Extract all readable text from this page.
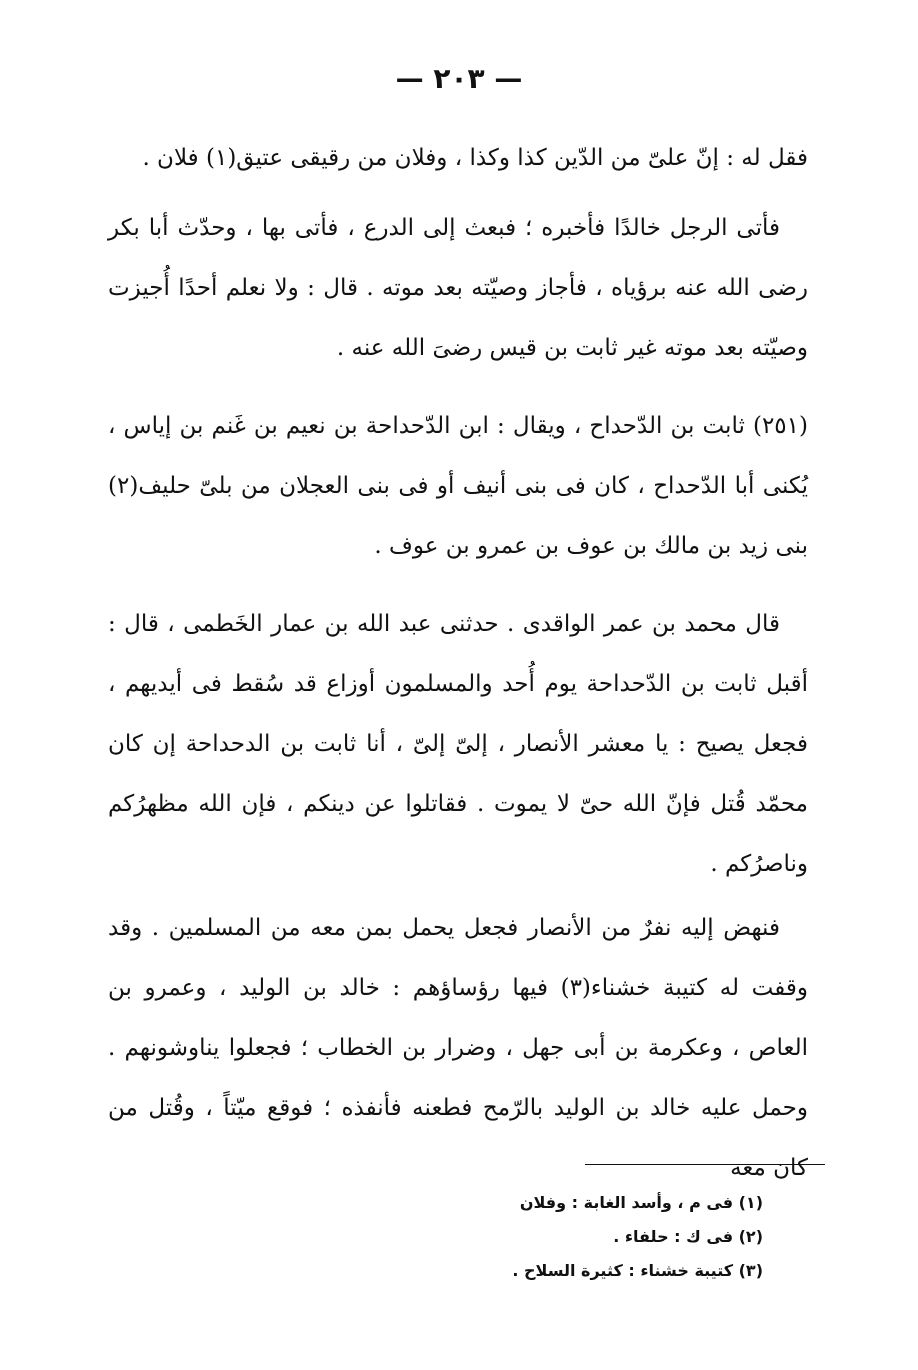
— ٢٠٣ —

فقل له : إنّ علىّ من الدّين كذا وكذا ، وفلان من رقيقى عتيق(١) فلان .

فأتى الرجل خالدًا فأخبره ؛ فبعث إلى الدرع ، فأتى بها ، وحدّث أبا بكر رضى الله عنه برؤياه ، فأجاز وصيّته بعد موته . قال : ولا نعلم أحدًا أُجيزت وصيّته بعد موته غير ثابت بن قيس رضىَ الله عنه .

(٢٥١) ثابت بن الدّحداح ، ويقال : ابن الدّحداحة بن نعيم بن غَنم بن إياس ، يُكنى أبا الدّحداح ، كان فى بنى أنيف أو فى بنى العجلان من بلىّ حليف(٢) بنى زيد بن مالك بن عوف بن عمرو بن عوف .

قال محمد بن عمر الواقدى . حدثنى عبد الله بن عمار الخَطمى ، قال : أقبل ثابت بن الدّحداحة يوم أُحد والمسلمون أوزاع قد سُقط فى أيديهم ، فجعل يصيح : يا معشر الأنصار ، إلىّ إلىّ ، أنا ثابت بن الدحداحة إن كان محمّد قُتل فإنّ الله حىّ لا يموت . فقاتلوا عن دينكم ، فإن الله مظهرُكم وناصرُكم .

فنهض إليه نفرٌ من الأنصار فجعل يحمل بمن معه من المسلمين . وقد وقفت له كتيبة خشناء(٣) فيها رؤساؤهم : خالد بن الوليد ، وعمرو بن العاص ، وعكرمة بن أبى جهل ، وضرار بن الخطاب ؛ فجعلوا يناوشونهم . وحمل عليه خالد بن الوليد بالرّمح فطعنه فأنفذه ؛ فوقع ميّتاً ، وقُتل من كان معه

(١) فى م ، وأسد الغابة : وفلان
(٢) فى ك : حلفاء .
(٣) كتيبة خشناء : كثيرة السلاح .
